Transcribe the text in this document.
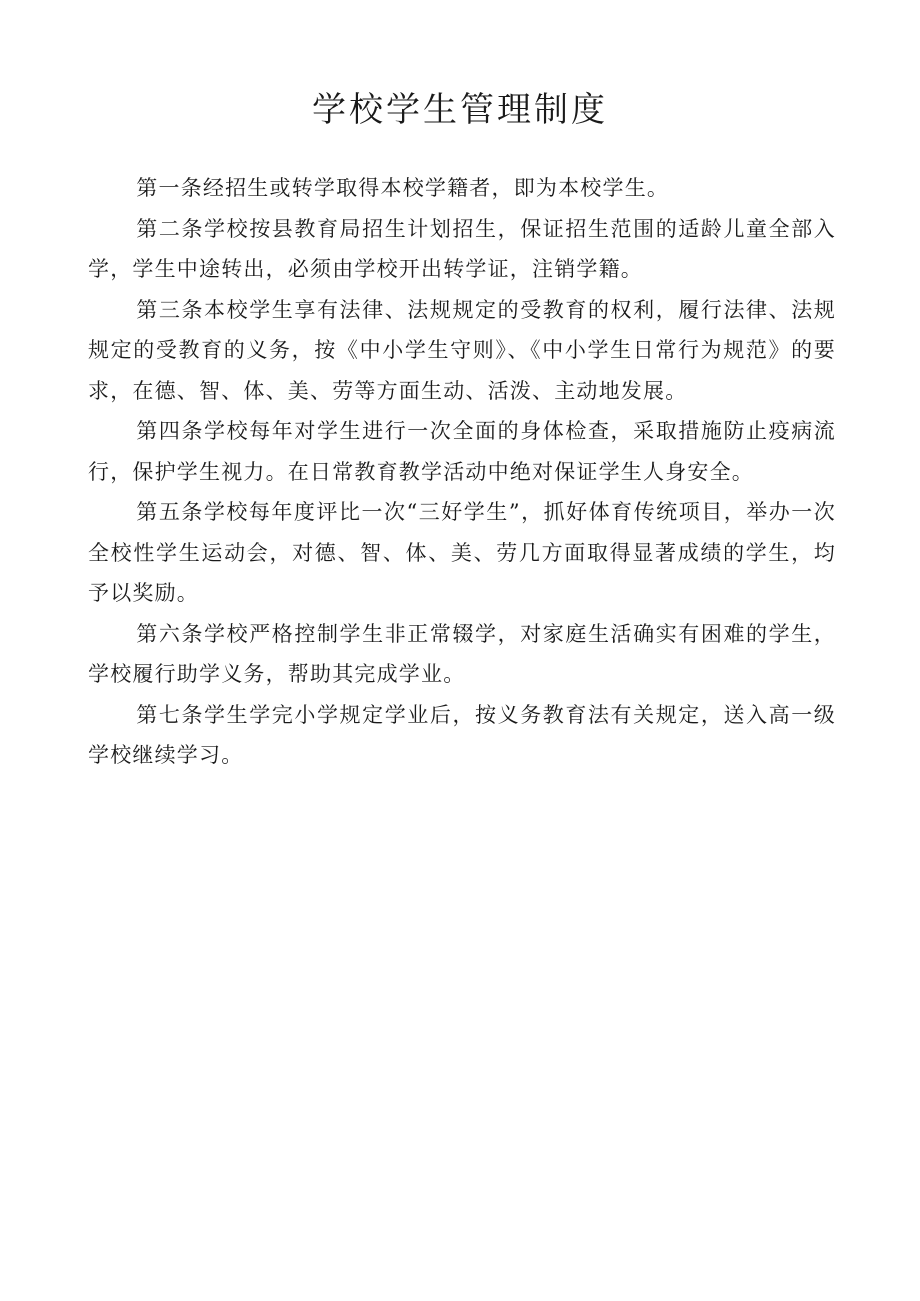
学校学生管理制度

第一条经招生或转学取得本校学籍者，即为本校学生。

第二条学校按县教育局招生计划招生，保证招生范围的适龄儿童全部入学，学生中途转出，必须由学校开出转学证，注销学籍。

第三条本校学生享有法律、法规规定的受教育的权利，履行法律、法规规定的受教育的义务，按《中小学生守则》、《中小学生日常行为规范》的要求，在德、智、体、美、劳等方面生动、活泼、主动地发展。

第四条学校每年对学生进行一次全面的身体检查，采取措施防止疫病流行，保护学生视力。在日常教育教学活动中绝对保证学生人身安全。

第五条学校每年度评比一次“三好学生”，抓好体育传统项目，举办一次全校性学生运动会，对德、智、体、美、劳几方面取得显著成绩的学生，均予以奖励。

第六条学校严格控制学生非正常辍学，对家庭生活确实有困难的学生，学校履行助学义务，帮助其完成学业。

第七条学生学完小学规定学业后，按义务教育法有关规定，送入高一级学校继续学习。
